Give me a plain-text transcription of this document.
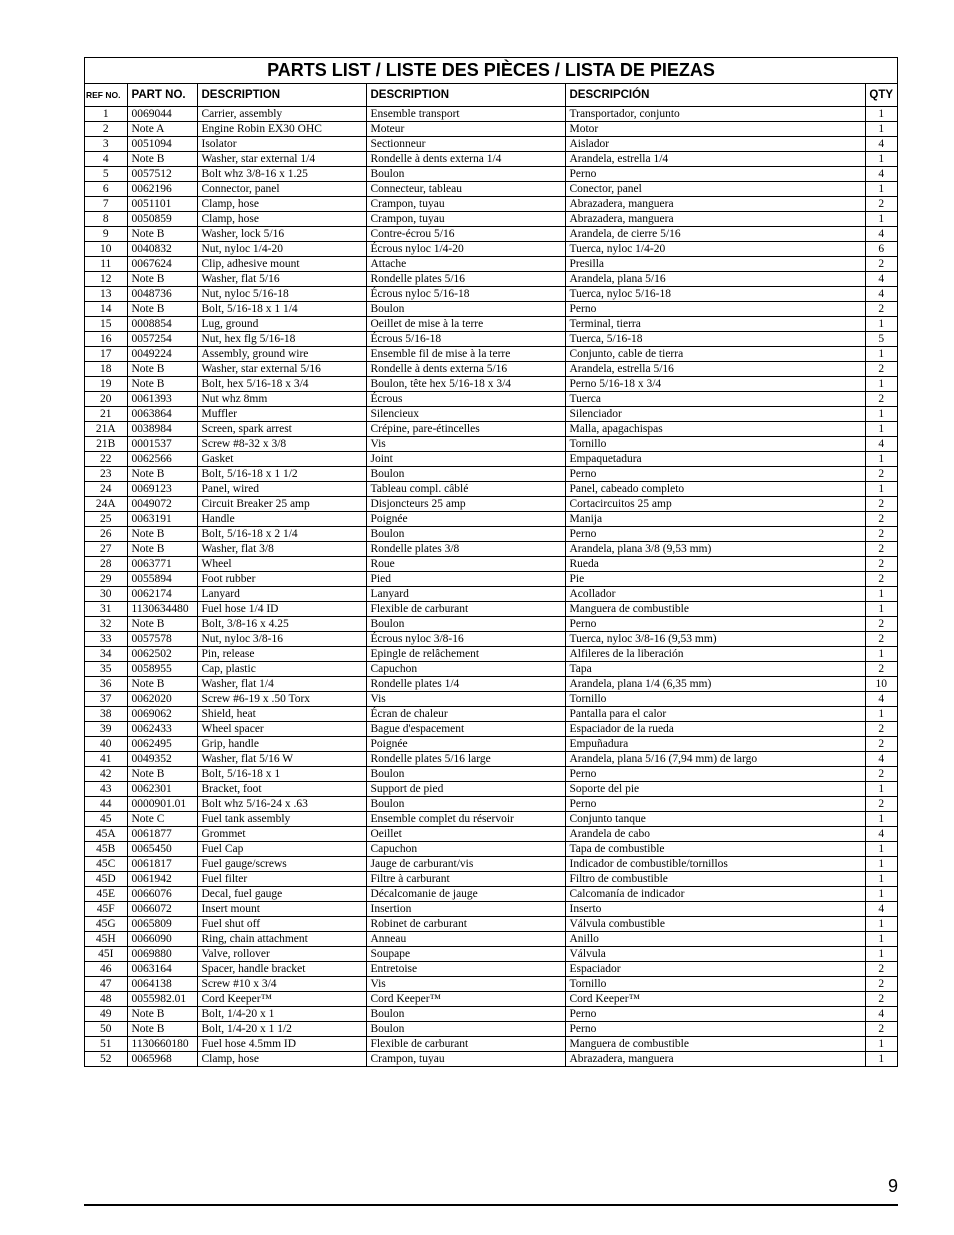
PARTS LIST / LISTE DES PIÈCES / LISTA DE PIEZAS
REF NO.	PART NO.	DESCRIPTION	DESCRIPTION	DESCRIPCIÓN	QTY
1	0069044	Carrier, assembly	Ensemble transport	Transportador, conjunto	1
2	Note A	Engine Robin EX30 OHC	Moteur	Motor	1
3	0051094	Isolator	Sectionneur	Aislador	4
4	Note B	Washer, star external 1/4	Rondelle à dents externa 1/4	Arandela, estrella 1/4	1
5	0057512	Bolt whz 3/8-16 x 1.25	Boulon	Perno	4
6	0062196	Connector, panel	Connecteur, tableau	Conector, panel	1
7	0051101	Clamp, hose	Crampon, tuyau	Abrazadera, manguera	2
8	0050859	Clamp, hose	Crampon, tuyau	Abrazadera, manguera	1
9	Note B	Washer, lock 5/16	Contre-écrou 5/16	Arandela, de cierre 5/16	4
10	0040832	Nut, nyloc 1/4-20	Écrous nyloc 1/4-20	Tuerca, nyloc 1/4-20	6
11	0067624	Clip, adhesive mount	Attache	Presilla	2
12	Note B	Washer, flat 5/16	Rondelle plates 5/16	Arandela, plana 5/16	4
13	0048736	Nut, nyloc 5/16-18	Écrous nyloc 5/16-18	Tuerca, nyloc 5/16-18	4
14	Note B	Bolt, 5/16-18 x 1 1/4	Boulon	Perno	2
15	0008854	Lug, ground	Oeillet de mise à la terre	Terminal, tierra	1
16	0057254	Nut, hex flg 5/16-18	Écrous 5/16-18	Tuerca, 5/16-18	5
17	0049224	Assembly, ground wire	Ensemble fil de mise à la terre	Conjunto, cable de tierra	1
18	Note B	Washer, star external 5/16	Rondelle à dents externa 5/16	Arandela, estrella 5/16	2
19	Note B	Bolt, hex 5/16-18 x 3/4	Boulon, tête hex 5/16-18 x 3/4	Perno 5/16-18 x 3/4	1
20	0061393	Nut whz 8mm	Écrous	Tuerca	2
21	0063864	Muffler	Silencieux	Silenciador	1
21A	0038984	Screen, spark arrest	Crépine, pare-étincelles	Malla, apagachispas	1
21B	0001537	Screw #8-32 x 3/8	Vis	Tornillo	4
22	0062566	Gasket	Joint	Empaquetadura	1
23	Note B	Bolt, 5/16-18 x 1 1/2	Boulon	Perno	2
24	0069123	Panel, wired	Tableau compl. câblé	Panel, cabeado completo	1
24A	0049072	Circuit Breaker 25 amp	Disjoncteurs 25 amp	Cortacircuitos 25 amp	2
25	0063191	Handle	Poignée	Manija	2
26	Note B	Bolt, 5/16-18 x 2 1/4	Boulon	Perno	2
27	Note B	Washer, flat 3/8	Rondelle plates 3/8	Arandela, plana 3/8 (9,53 mm)	2
28	0063771	Wheel	Roue	Rueda	2
29	0055894	Foot rubber	Pied	Pie	2
30	0062174	Lanyard	Lanyard	Acollador	1
31	1130634480	Fuel hose 1/4 ID	Flexible de carburant	Manguera de combustible	1
32	Note B	Bolt, 3/8-16 x 4.25	Boulon	Perno	2
33	0057578	Nut, nyloc 3/8-16	Écrous nyloc 3/8-16	Tuerca, nyloc 3/8-16 (9,53 mm)	2
34	0062502	Pin, release	Epingle de relâchement	Alfileres de la liberación	1
35	0058955	Cap, plastic	Capuchon	Tapa	2
36	Note B	Washer, flat 1/4	Rondelle plates 1/4	Arandela, plana 1/4 (6,35 mm)	10
37	0062020	Screw #6-19 x .50 Torx	Vis	Tornillo	4
38	0069062	Shield, heat	Écran de chaleur	Pantalla para el calor	1
39	0062433	Wheel spacer	Bague d'espacement	Espaciador de la rueda	2
40	0062495	Grip, handle	Poignée	Empuñadura	2
41	0049352	Washer, flat 5/16 W	Rondelle plates 5/16 large	Arandela, plana 5/16 (7,94 mm) de largo	4
42	Note B	Bolt, 5/16-18 x 1	Boulon	Perno	2
43	0062301	Bracket, foot	Support de pied	Soporte del pie	1
44	0000901.01	Bolt whz 5/16-24 x .63	Boulon	Perno	2
45	Note C	Fuel tank assembly	Ensemble complet du réservoir	Conjunto tanque	1
45A	0061877	Grommet	Oeillet	Arandela de cabo	4
45B	0065450	Fuel Cap	Capuchon	Tapa de combustible	1
45C	0061817	Fuel gauge/screws	Jauge de carburant/vis	Indicador de combustible/tornillos	1
45D	0061942	Fuel filter	Filtre à carburant	Filtro de combustible	1
45E	0066076	Decal, fuel gauge	Décalcomanie de jauge	Calcomanía de indicador	1
45F	0066072	Insert mount	Insertion	Inserto	4
45G	0065809	Fuel shut off	Robinet de carburant	Válvula combustible	1
45H	0066090	Ring, chain attachment	Anneau	Anillo	1
45I	0069880	Valve, rollover	Soupape	Válvula	1
46	0063164	Spacer, handle bracket	Entretoise	Espaciador	2
47	0064138	Screw #10 x 3/4	Vis	Tornillo	2
48	0055982.01	Cord Keeper™	Cord Keeper™	Cord Keeper™	2
49	Note B	Bolt, 1/4-20 x 1	Boulon	Perno	4
50	Note B	Bolt, 1/4-20 x 1 1/2	Boulon	Perno	2
51	1130660180	Fuel hose 4.5mm ID	Flexible de carburant	Manguera de combustible	1
52	0065968	Clamp, hose	Crampon, tuyau	Abrazadera, manguera	1
9
